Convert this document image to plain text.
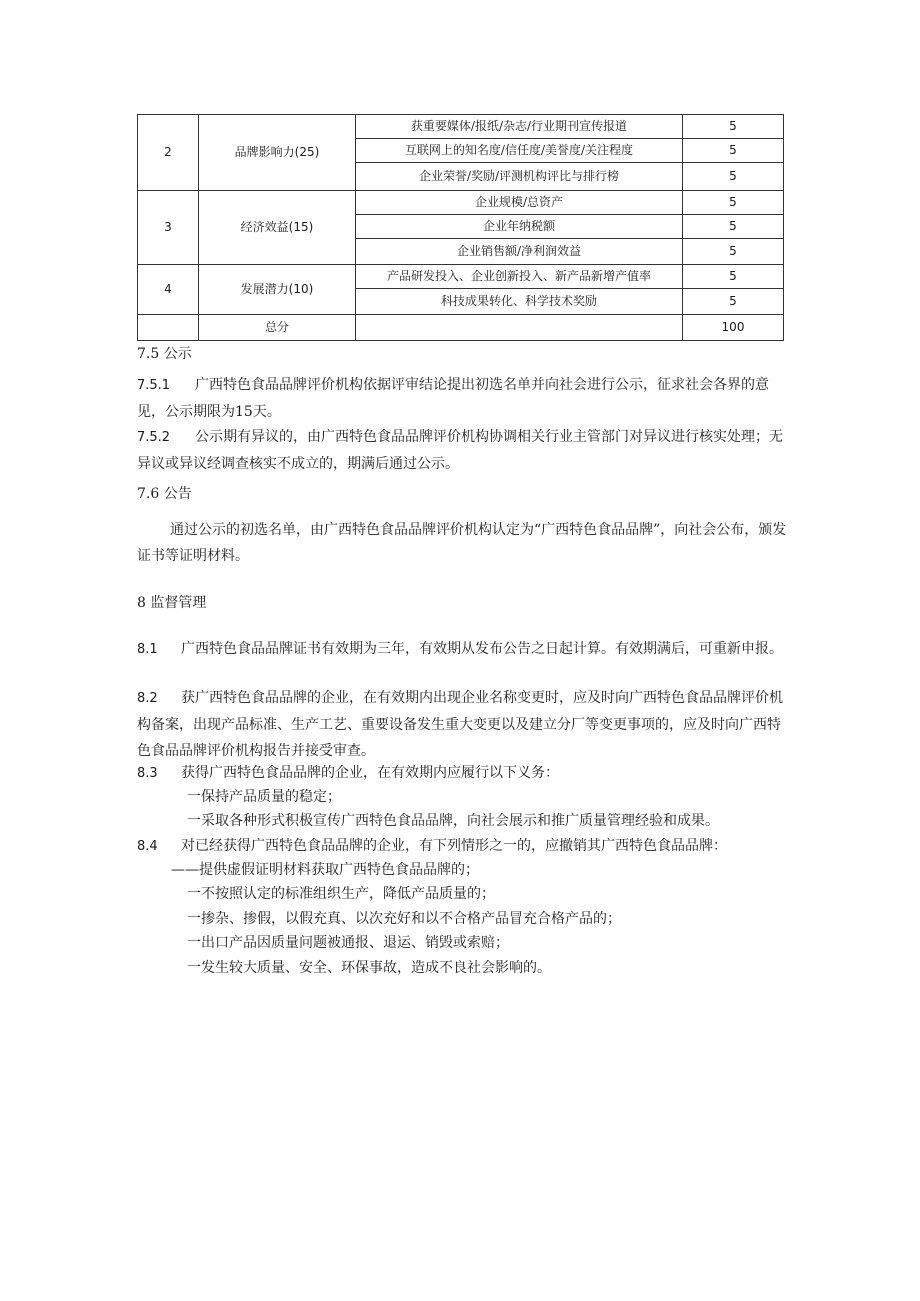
2	品牌影响力(25)	获重要媒体/报纸/杂志/行业期刊宣传报道	5
		互联网上的知名度/信任度/美誉度/关注程度	5
		企业荣誉/奖励/评测机构评比与排行榜	5
3	经济效益(15)	企业规模/总资产	5
		企业年纳税额	5
		企业销售额/净利润效益	5
4	发展潜力(10)	产品研发投入、企业创新投入、新产品新增产值率	5
		科技成果转化、科学技术奖励	5
	总分		100

7.5 公示

7.5.1 广西特色食品品牌评价机构依据评审结论提出初选名单并向社会进行公示，征求社会各界的意见，公示期限为15天。

7.5.2 公示期有异议的，由广西特色食品品牌评价机构协调相关行业主管部门对异议进行核实处理；无异议或异议经调查核实不成立的，期满后通过公示。

7.6 公告

通过公示的初选名单，由广西特色食品品牌评价机构认定为“广西特色食品品牌”，向社会公布，颁发证书等证明材料。

8 监督管理

8.1 广西特色食品品牌证书有效期为三年，有效期从发布公告之日起计算。有效期满后，可重新申报。

8.2 获广西特色食品品牌的企业，在有效期内出现企业名称变更时，应及时向广西特色食品品牌评价机构备案，出现产品标准、生产工艺、重要设备发生重大变更以及建立分厂等变更事项的，应及时向广西特色食品品牌评价机构报告并接受审查。

8.3 获得广西特色食品品牌的企业，在有效期内应履行以下义务：

一保持产品质量的稳定；

一采取各种形式积极宣传广西特色食品品牌，向社会展示和推广质量管理经验和成果。

8.4 对已经获得广西特色食品品牌的企业，有下列情形之一的，应撤销其广西特色食品品牌：

——提供虚假证明材料获取广西特色食品品牌的；

一不按照认定的标准组织生产，降低产品质量的；

一掺杂、掺假，以假充真、以次充好和以不合格产品冒充合格产品的；

一出口产品因质量问题被通报、退运、销毁或索赔；

一发生较大质量、安全、环保事故，造成不良社会影响的。
